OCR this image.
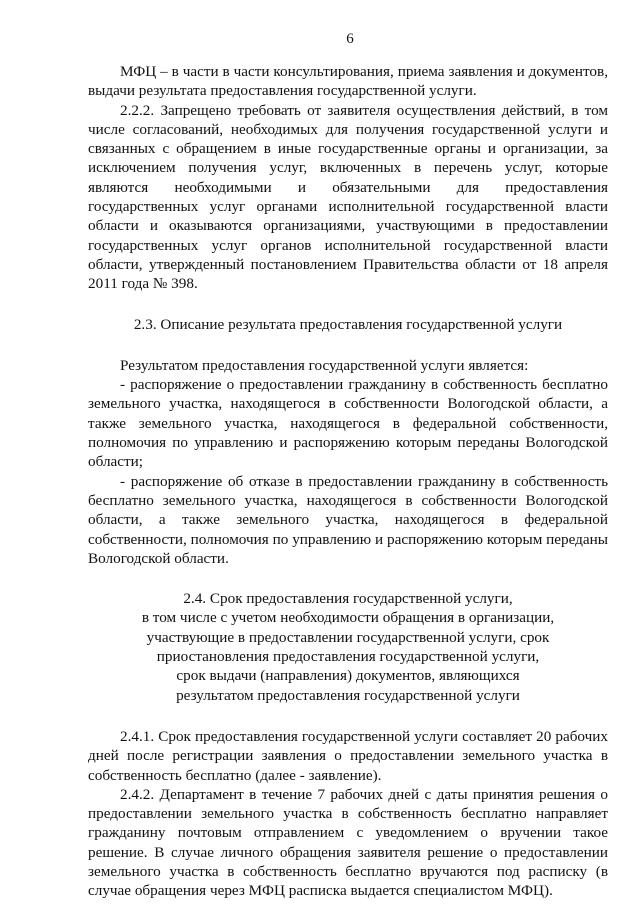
6

МФЦ – в части в части консультирования, приема заявления и документов, выдачи результата предоставления государственной услуги.

2.2.2. Запрещено требовать от заявителя осуществления действий, в том числе согласований, необходимых для получения государственной услуги и связанных с обращением в иные государственные органы и организации, за исключением получения услуг, включенных в перечень услуг, которые являются необходимыми и обязательными для предоставления государственных услуг органами исполнительной государственной власти области и оказываются организациями, участвующими в предоставлении государственных услуг органов исполнительной государственной власти области, утвержденный постановлением Правительства области от 18 апреля 2011 года № 398.

2.3. Описание результата предоставления государственной услуги

Результатом предоставления государственной услуги является:

- распоряжение о предоставлении гражданину в собственность бесплатно земельного участка, находящегося в собственности Вологодской области, а также земельного участка, находящегося в федеральной собственности, полномочия по управлению и распоряжению которым переданы Вологодской области;

- распоряжение об отказе в предоставлении гражданину в собственность бесплатно земельного участка, находящегося в собственности Вологодской области, а также земельного участка, находящегося в федеральной собственности, полномочия по управлению и распоряжению которым переданы Вологодской области.

2.4. Срок предоставления государственной услуги,

в том числе с учетом необходимости обращения в организации,

участвующие в предоставлении государственной услуги, срок

приостановления предоставления государственной услуги,

срок выдачи (направления) документов, являющихся

результатом предоставления государственной услуги

2.4.1. Срок предоставления государственной услуги составляет 20 рабочих дней после регистрации заявления о предоставлении земельного участка в собственность бесплатно (далее - заявление).

2.4.2. Департамент в течение 7 рабочих дней с даты принятия решения о предоставлении земельного участка в собственность бесплатно направляет гражданину почтовым отправлением с уведомлением о вручении такое решение. В случае личного обращения заявителя решение о предоставлении земельного участка в собственность бесплатно вручаются под расписку (в случае обращения через МФЦ расписка выдается специалистом МФЦ).
